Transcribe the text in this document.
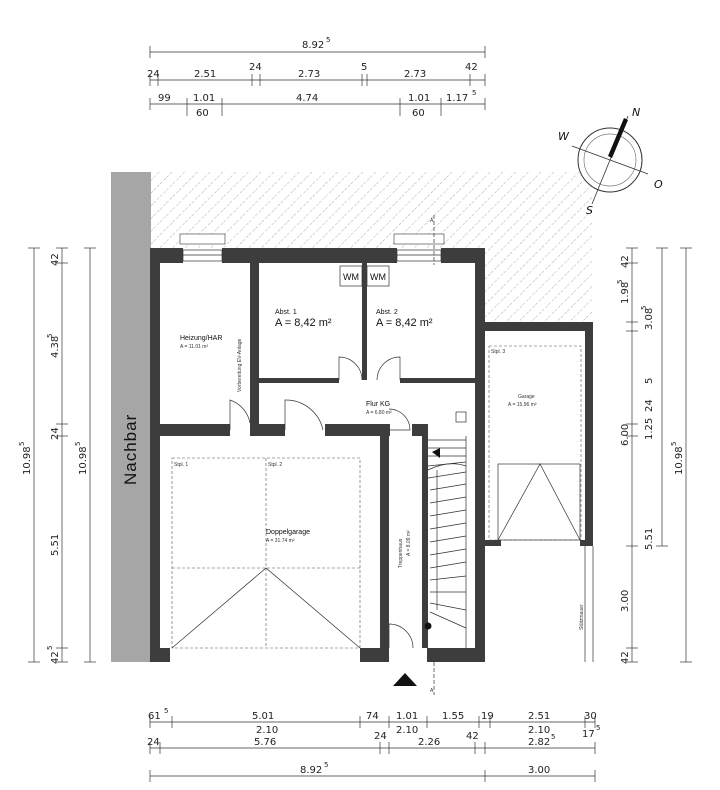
Nachbar
Stützmauer
WM WM
Heizung/HAR
A = 11.01 m²	Vorbereitung EV-Anlage
Abst. 1
A = 8,42 m²
Abst. 2
A = 8,42 m²
Flur KG
A = 6.80 m²
Doppelgarage
A = 31.74 m²
Stpl. 1	Stpl. 2
Treppenhaus A = 8.09 m²
Garage
A = 15.96 m²
Stpl. 3
A
A
N
S
W
O
8.92 5
24	2.51
24
2.73
5
2.73
42
99 1.01	4.74	1.01 1.17 5
60	60
10.98
5
42
4.38
5
24
5.51
42
5
10.98
5
42
1.98
5
3.08
5
5
24
1.25
6.00
5.51
3.00
42
10.98
5
61 5	5.01	74 1.01 1.55 19	2.51	30
2.10	2.10	2.10	17
5
24	5.76
24
2.26
42
2.82 5
8.92 5	3.00
